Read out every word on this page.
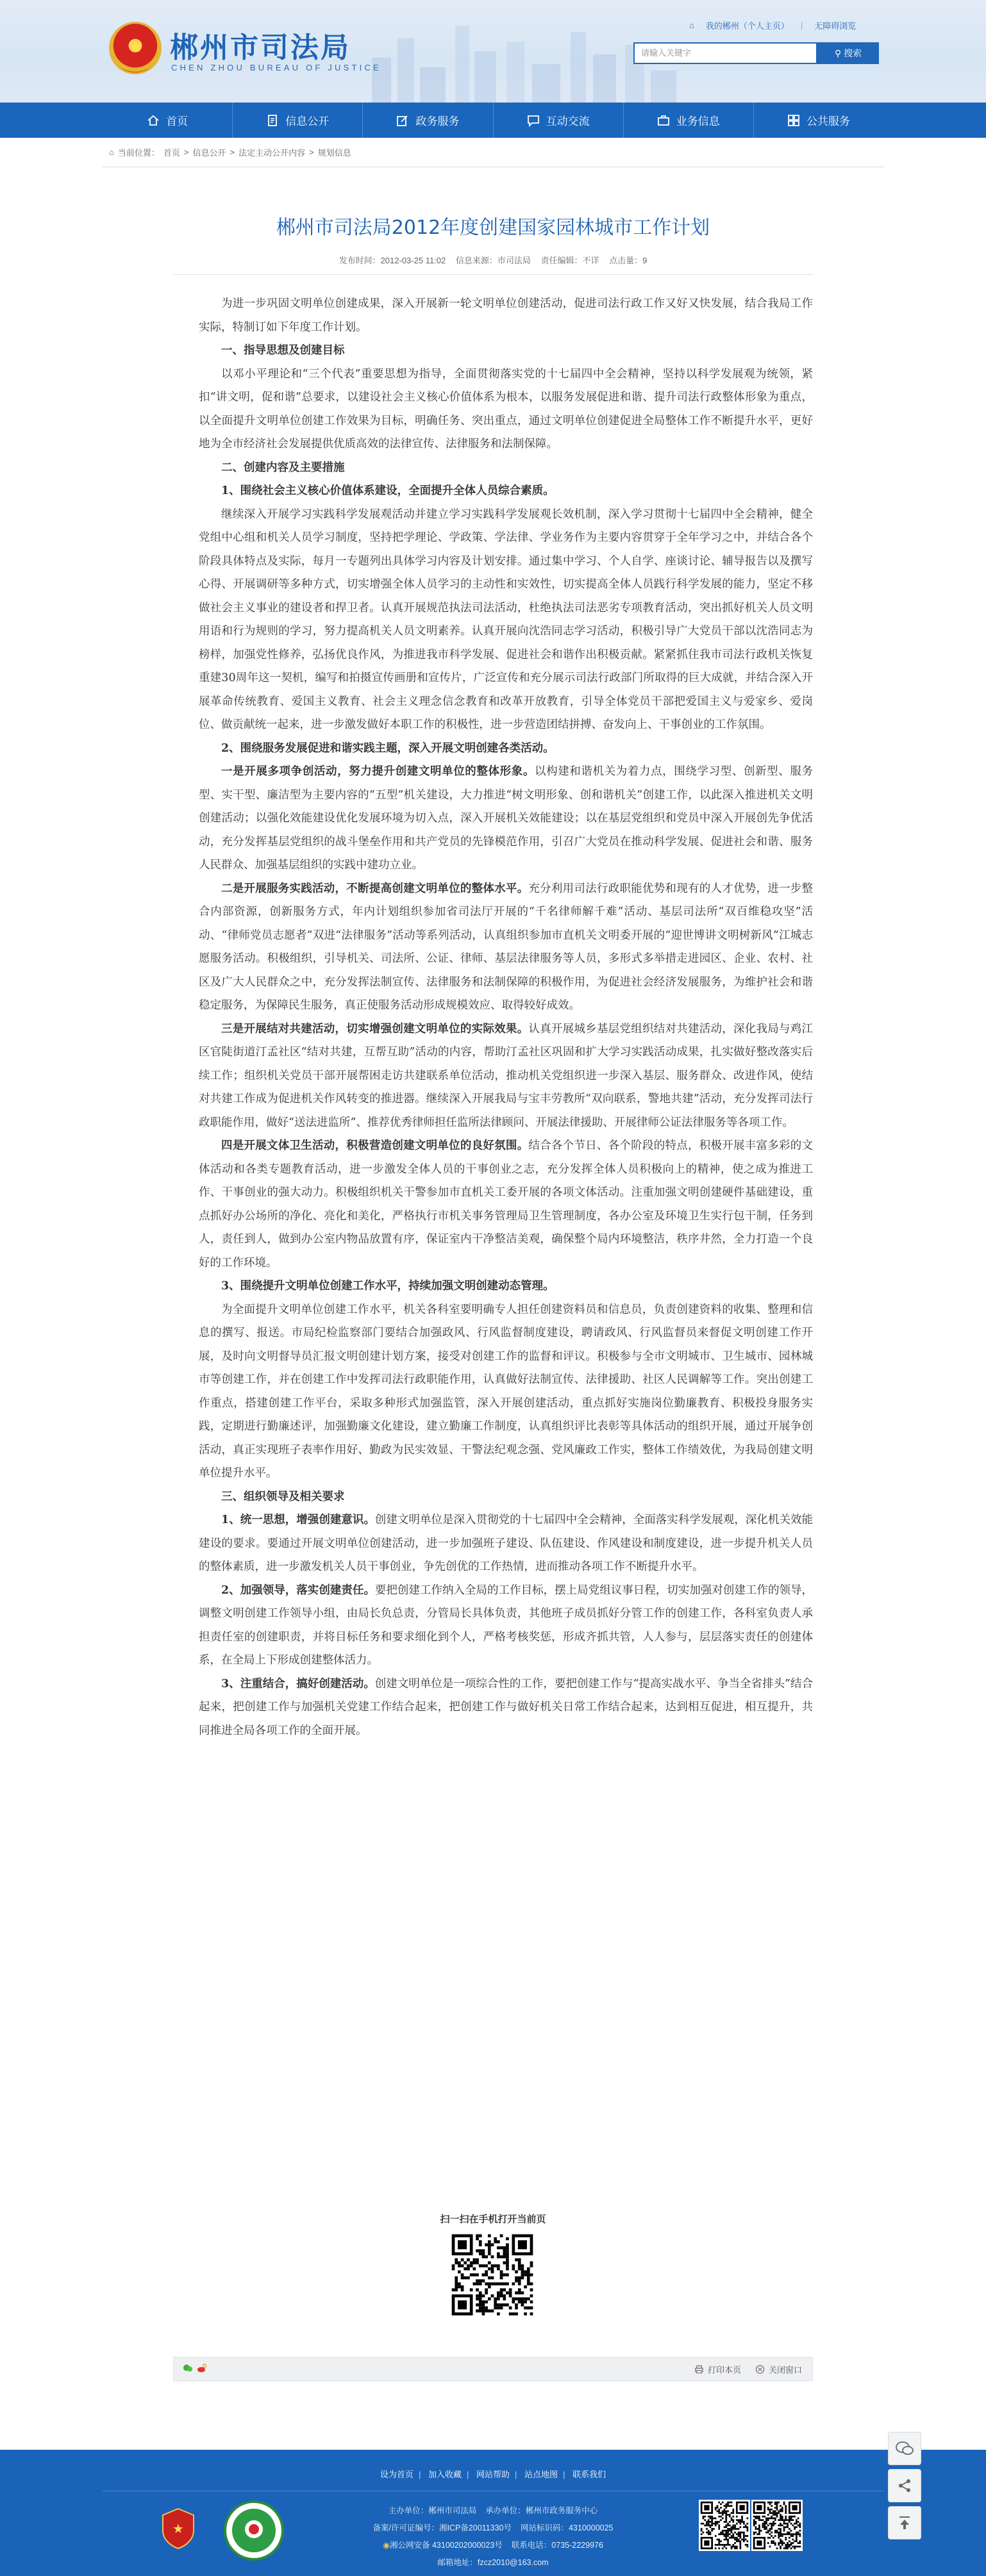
★ 郴州市司法局
CHEN ZHOU BUREAU OF JUSTICE
⌂ 我的郴州（个人主页） | 无障碍浏览
请输入关键字	⚲ 搜索
首页	信息公开	政务服务	互动交流	业务信息	公共服务
⌂ 当前位置： 首页 > 信息公开 > 法定主动公开内容 > 规划信息
郴州市司法局2012年度创建国家园林城市工作计划
发布时间：2012-03-25 11:02 信息来源：市司法局 责任编辑：不详 点击量：9

为进一步巩固文明单位创建成果，深入开展新一轮文明单位创建活动，促进司法行政工作又好又快发展，结合我局工作实际，特制订如下年度工作计划。

一、指导思想及创建目标

以邓小平理论和“三个代表”重要思想为指导，全面贯彻落实党的十七届四中全会精神，坚持以科学发展观为统领，紧扣“讲文明，促和谐”总要求，以建设社会主义核心价值体系为根本，以服务发展促进和谐、提升司法行政整体形象为重点，以全面提升文明单位创建工作效果为目标，明确任务、突出重点，通过文明单位创建促进全局整体工作不断提升水平，更好地为全市经济社会发展提供优质高效的法律宣传、法律服务和法制保障。

二、创建内容及主要措施

1、围绕社会主义核心价值体系建设，全面提升全体人员综合素质。

继续深入开展学习实践科学发展观活动并建立学习实践科学发展观长效机制，深入学习贯彻十七届四中全会精神，健全党组中心组和机关人员学习制度，坚持把学理论、学政策、学法律、学业务作为主要内容贯穿于全年学习之中，并结合各个阶段具体特点及实际，每月一专题列出具体学习内容及计划安排。通过集中学习、个人自学、座谈讨论、辅导报告以及撰写心得、开展调研等多种方式，切实增强全体人员学习的主动性和实效性，切实提高全体人员践行科学发展的能力，坚定不移做社会主义事业的建设者和捍卫者。认真开展规范执法司法活动，杜绝执法司法恶劣专项教育活动，突出抓好机关人员文明用语和行为规则的学习，努力提高机关人员文明素养。认真开展向沈浩同志学习活动，积极引导广大党员干部以沈浩同志为榜样，加强党性修养，弘扬优良作风，为推进我市科学发展、促进社会和谐作出积极贡献。紧紧抓住我市司法行政机关恢复重建30周年这一契机，编写和拍摄宣传画册和宣传片，广泛宣传和充分展示司法行政部门所取得的巨大成就，并结合深入开展革命传统教育、爱国主义教育、社会主义理念信念教育和改革开放教育，引导全体党员干部把爱国主义与爱家乡、爱岗位、做贡献统一起来，进一步激发做好本职工作的积极性，进一步营造团结拼搏、奋发向上、干事创业的工作氛围。

2、围绕服务发展促进和谐实践主题，深入开展文明创建各类活动。

一是开展多项争创活动，努力提升创建文明单位的整体形象。以构建和谐机关为着力点，围绕学习型、创新型、服务型、实干型、廉洁型为主要内容的“五型”机关建设，大力推进“树文明形象、创和谐机关”创建工作，以此深入推进机关文明创建活动；以强化效能建设优化发展环境为切入点，深入开展机关效能建设；以在基层党组织和党员中深入开展创先争优活动，充分发挥基层党组织的战斗堡垒作用和共产党员的先锋模范作用，引召广大党员在推动科学发展、促进社会和谐、服务人民群众、加强基层组织的实践中建功立业。

二是开展服务实践活动，不断提高创建文明单位的整体水平。充分利用司法行政职能优势和现有的人才优势，进一步整合内部资源，创新服务方式，年内计划组织参加省司法厅开展的“千名律师解千难”活动、基层司法所“双百维稳攻坚”活动、“律师党员志愿者”双进“法律服务”活动等系列活动，认真组织参加市直机关文明委开展的“迎世博讲文明树新风”江城志愿服务活动。积极组织，引导机关、司法所、公证、律师、基层法律服务等人员，多形式多举措走进园区、企业、农村、社区及广大人民群众之中，充分发挥法制宣传、法律服务和法制保障的积极作用，为促进社会经济发展服务，为维护社会和谐稳定服务，为保障民生服务，真正使服务活动形成规模效应、取得较好成效。

三是开展结对共建活动，切实增强创建文明单位的实际效果。认真开展城乡基层党组织结对共建活动，深化我局与鸡江区官陡街道汀孟社区“结对共建，互帮互助”活动的内容，帮助汀孟社区巩固和扩大学习实践活动成果，扎实做好整改落实后续工作；组织机关党员干部开展帮困走访共建联系单位活动，推动机关党组织进一步深入基层、服务群众、改进作风，使结对共建工作成为促进机关作风转变的推进器。继续深入开展我局与宝丰劳教所“双向联系，警地共建”活动，充分发挥司法行政职能作用，做好“送法进监所”、推荐优秀律师担任监所法律顾问、开展法律援助、开展律师公证法律服务等各项工作。

四是开展文体卫生活动，积极营造创建文明单位的良好氛围。结合各个节日、各个阶段的特点，积极开展丰富多彩的文体活动和各类专题教育活动，进一步激发全体人员的干事创业之志，充分发挥全体人员积极向上的精神，使之成为推进工作、干事创业的强大动力。积极组织机关干警参加市直机关工委开展的各项文体活动。注重加强文明创建硬件基础建设，重点抓好办公场所的净化、亮化和美化，严格执行市机关事务管理局卫生管理制度，各办公室及环境卫生实行包干制，任务到人，责任到人，做到办公室内物品放置有序，保证室内干净整洁美观，确保整个局内环境整洁，秩序井然，全力打造一个良好的工作环境。

3、围绕提升文明单位创建工作水平，持续加强文明创建动态管理。

为全面提升文明单位创建工作水平，机关各科室要明确专人担任创建资料员和信息员，负责创建资料的收集、整理和信息的撰写、报送。市局纪检监察部门要结合加强政风、行风监督制度建设，聘请政风、行风监督员来督促文明创建工作开展，及时向文明督导员汇报文明创建计划方案，接受对创建工作的监督和评议。积极参与全市文明城市、卫生城市、园林城市等创建工作，并在创建工作中发挥司法行政职能作用，认真做好法制宣传、法律援助、社区人民调解等工作。突出创建工作重点，搭建创建工作平台，采取多种形式加强监管，深入开展创建活动，重点抓好实施岗位勤廉教育、积极投身服务实践，定期进行勤廉述评，加强勤廉文化建设，建立勤廉工作制度，认真组织评比表彰等具体活动的组织开展，通过开展争创活动，真正实现班子表率作用好、勤政为民实效显、干警法纪观念强、党风廉政工作实，整体工作绩效优，为我局创建文明单位提升水平。

三、组织领导及相关要求

1、统一思想，增强创建意识。创建文明单位是深入贯彻党的十七届四中全会精神，全面落实科学发展观，深化机关效能建设的要求。要通过开展文明单位创建活动，进一步加强班子建设、队伍建设、作风建设和制度建设，进一步提升机关人员的整体素质，进一步激发机关人员干事创业，争先创优的工作热情，进而推动各项工作不断提升水平。

2、加强领导，落实创建责任。要把创建工作纳入全局的工作目标，摆上局党组议事日程，切实加强对创建工作的领导，调整文明创建工作领导小组，由局长负总责，分管局长具体负责，其他班子成员抓好分管工作的创建工作，各科室负责人承担责任室的创建职责，并将目标任务和要求细化到个人，严格考核奖惩，形成齐抓共管，人人参与，层层落实责任的创建体系，在全局上下形成创建整体活力。

3、注重结合，搞好创建活动。创建文明单位是一项综合性的工作，要把创建工作与“提高实战水平、争当全省排头”结合起来，把创建工作与加强机关党建工作结合起来，把创建工作与做好机关日常工作结合起来，达到相互促进，相互提升，共同推进全局各项工作的全面开展。

扫一扫在手机打开当前页
打印本页	关闭窗口
设为首页 | 加入收藏 | 网站帮助 | 站点地图 | 联系我们
★
主办单位：郴州市司法局 承办单位：郴州市政务服务中心
备案/许可证编号：湘ICP备20011330号 网站标识码：4310000025
◉湘公网安备 43100202000023号 联系电话：0735-2229976
邮箱地址：fzcz2010@163.com
